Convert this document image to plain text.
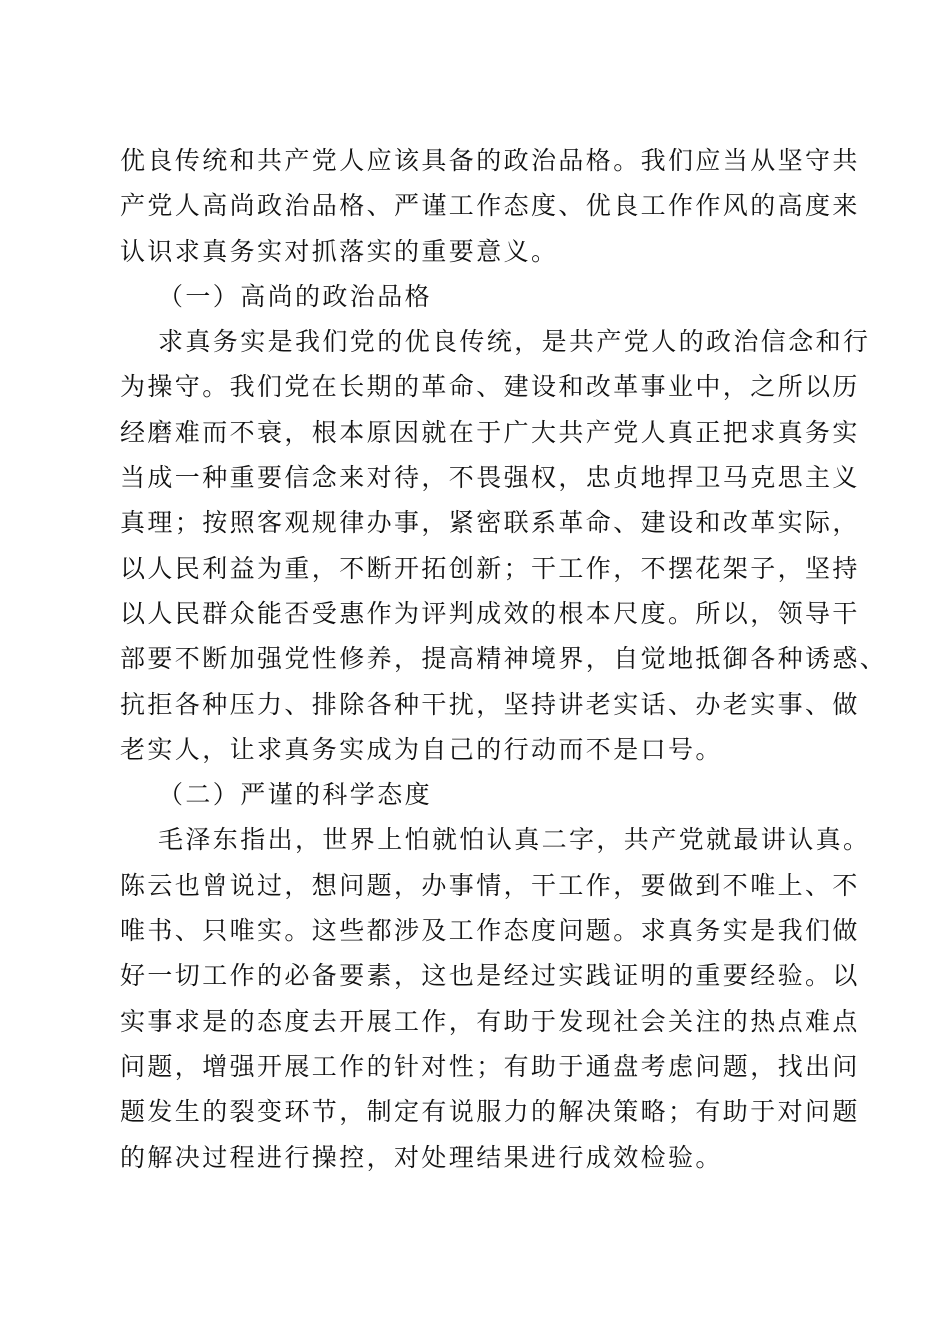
优良传统和共产党人应该具备的政治品格。我们应当从坚守共
产党人高尚政治品格、严谨工作态度、优良工作作风的高度来
认识求真务实对抓落实的重要意义。
（一）高尚的政治品格
求真务实是我们党的优良传统，是共产党人的政治信念和行
为操守。我们党在长期的革命、建设和改革事业中，之所以历
经磨难而不衰，根本原因就在于广大共产党人真正把求真务实
当成一种重要信念来对待，不畏强权，忠贞地捍卫马克思主义
真理；按照客观规律办事，紧密联系革命、建设和改革实际，
以人民利益为重，不断开拓创新；干工作，不摆花架子，坚持
以人民群众能否受惠作为评判成效的根本尺度。所以，领导干
部要不断加强党性修养，提高精神境界，自觉地抵御各种诱惑、
抗拒各种压力、排除各种干扰，坚持讲老实话、办老实事、做
老实人，让求真务实成为自己的行动而不是口号。
（二）严谨的科学态度
毛泽东指出，世界上怕就怕认真二字，共产党就最讲认真。
陈云也曾说过，想问题，办事情，干工作，要做到不唯上、不
唯书、只唯实。这些都涉及工作态度问题。求真务实是我们做
好一切工作的必备要素，这也是经过实践证明的重要经验。以
实事求是的态度去开展工作，有助于发现社会关注的热点难点
问题，增强开展工作的针对性；有助于通盘考虑问题，找出问
题发生的裂变环节，制定有说服力的解决策略；有助于对问题
的解决过程进行操控，对处理结果进行成效检验。
